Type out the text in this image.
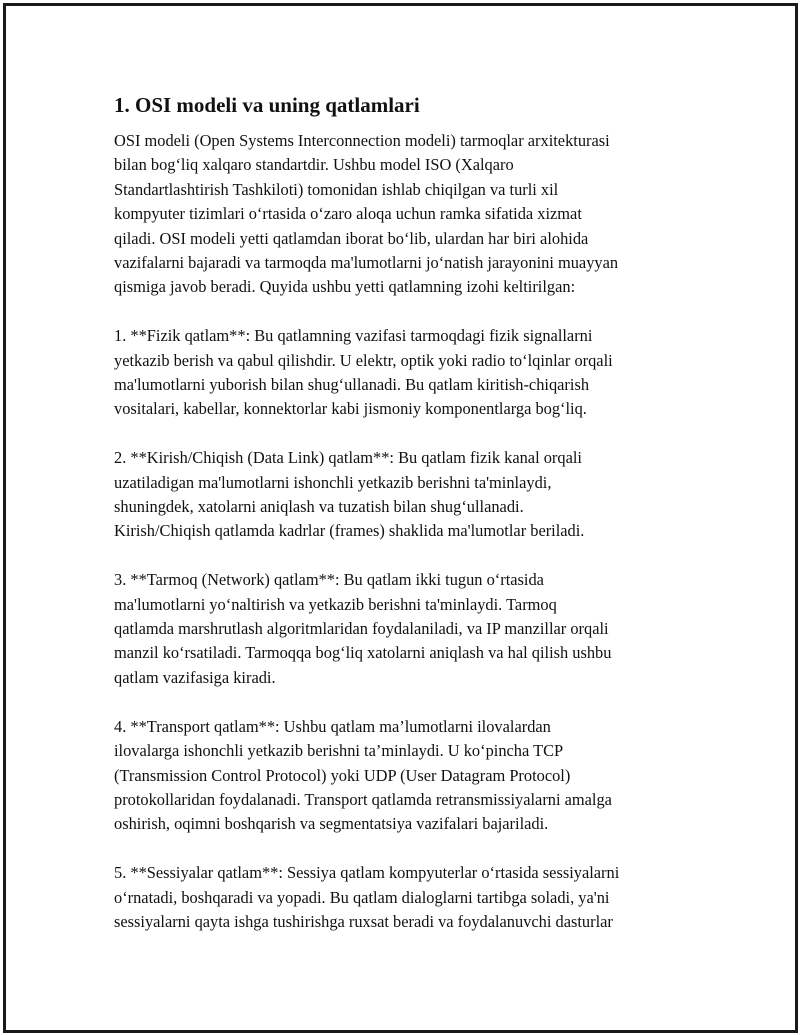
1. OSI modeli va uning qatlamlari
OSI modeli (Open Systems Interconnection modeli) tarmoqlar arxitekturasi
bilan bog‘liq xalqaro standartdir. Ushbu model ISO (Xalqaro
Standartlashtirish Tashkiloti) tomonidan ishlab chiqilgan va turli xil
kompyuter tizimlari o‘rtasida o‘zaro aloqa uchun ramka sifatida xizmat
qiladi. OSI modeli yetti qatlamdan iborat bo‘lib, ulardan har biri alohida
vazifalarni bajaradi va tarmoqda ma'lumotlarni jo‘natish jarayonini muayyan
qismiga javob beradi. Quyida ushbu yetti qatlamning izohi keltirilgan:
1. **Fizik qatlam**: Bu qatlamning vazifasi tarmoqdagi fizik signallarni
yetkazib berish va qabul qilishdir. U elektr, optik yoki radio to‘lqinlar orqali
ma'lumotlarni yuborish bilan shug‘ullanadi. Bu qatlam kiritish-chiqarish
vositalari, kabellar, konnektorlar kabi jismoniy komponentlarga bog‘liq.
2. **Kirish/Chiqish (Data Link) qatlam**: Bu qatlam fizik kanal orqali
uzatiladigan ma'lumotlarni ishonchli yetkazib berishni ta'minlaydi,
shuningdek, xatolarni aniqlash va tuzatish bilan shug‘ullanadi.
Kirish/Chiqish qatlamda kadrlar (frames) shaklida ma'lumotlar beriladi.
3. **Tarmoq (Network) qatlam**: Bu qatlam ikki tugun o‘rtasida
ma'lumotlarni yo‘naltirish va yetkazib berishni ta'minlaydi. Tarmoq
qatlamda marshrutlash algoritmlaridan foydalaniladi, va IP manzillar orqali
manzil ko‘rsatiladi. Tarmoqqa bog‘liq xatolarni aniqlash va hal qilish ushbu
qatlam vazifasiga kiradi.
4. **Transport qatlam**: Ushbu qatlam ma’lumotlarni ilovalardan
ilovalarga ishonchli yetkazib berishni ta’minlaydi. U ko‘pincha TCP
(Transmission Control Protocol) yoki UDP (User Datagram Protocol)
protokollaridan foydalanadi. Transport qatlamda retransmissiyalarni amalga
oshirish, oqimni boshqarish va segmentatsiya vazifalari bajariladi.
5. **Sessiyalar qatlam**: Sessiya qatlam kompyuterlar o‘rtasida sessiyalarni
o‘rnatadi, boshqaradi va yopadi. Bu qatlam dialoglarni tartibga soladi, ya'ni
sessiyalarni qayta ishga tushirishga ruxsat beradi va foydalanuvchi dasturlar
